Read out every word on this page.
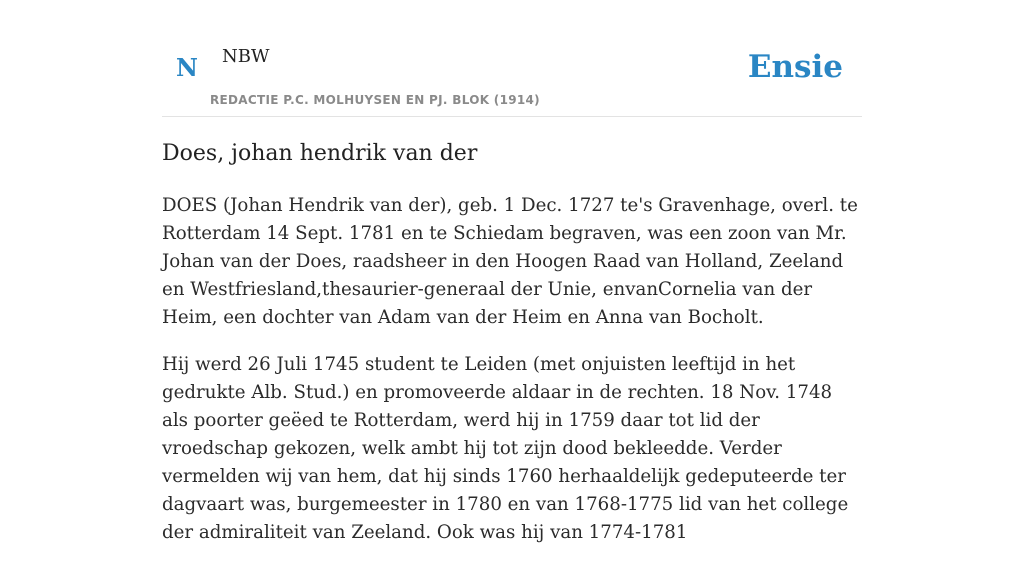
N NBW
REDACTIE P.C. MOLHUYSEN EN PJ. BLOK (1914)
Ensie
Does, johan hendrik van der

DOES (Johan Hendrik van der), geb. 1 Dec. 1727 te's Gravenhage, overl. te Rotterdam 14 Sept. 1781 en te Schiedam begraven, was een zoon van Mr. Johan van der Does, raadsheer in den Hoogen Raad van Holland, Zeeland en Westfriesland,thesaurier-generaal der Unie, envanCornelia van der Heim, een dochter van Adam van der Heim en Anna van Bocholt.

Hij werd 26 Juli 1745 student te Leiden (met onjuisten leeftijd in het gedrukte Alb. Stud.) en promoveerde aldaar in de rechten. 18 Nov. 1748 als poorter geëed te Rotterdam, werd hij in 1759 daar tot lid der vroedschap gekozen, welk ambt hij tot zijn dood bekleedde. Verder vermelden wij van hem, dat hij sinds 1760 herhaaldelijk gedeputeerde ter dagvaart was, burgemeester in 1780 en van 1768-1775 lid van het college der admiraliteit van Zeeland. Ook was hij van 1774-1781
